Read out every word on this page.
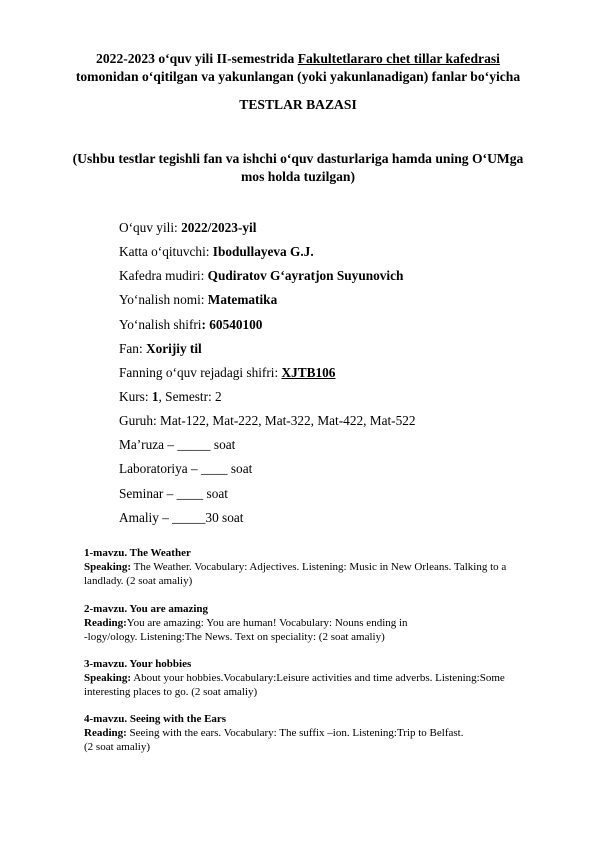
2022-2023 o‘quv yili II-semestrida Fakultetlararo chet tillar kafedrasi
tomonidan o‘qitilgan va yakunlangan (yoki yakunlanadigan) fanlar bo‘yicha
TESTLAR BAZASI
(Ushbu testlar tegishli fan va ishchi o‘quv dasturlariga hamda uning O‘UMga
mos holda tuzilgan)
O‘quv yili: 2022/2023-yil
Katta o‘qituvchi: Ibodullayeva G.J.
Kafedra mudiri: Qudiratov G‘ayratjon Suyunovich
Yo‘nalish nomi: Matematika
Yo‘nalish shifri: 60540100
Fan: Xorijiy til
Fanning o‘quv rejadagi shifri: XJTB106
Kurs: 1, Semestr: 2
Guruh: Mat-122, Mat-222, Mat-322, Mat-422, Mat-522
Ma’ruza – _____ soat
Laboratoriya – ____ soat
Seminar – ____ soat
Amaliy – _____30 soat
1-mavzu. The Weather
Speaking: The Weather. Vocabulary: Adjectives. Listening: Music in New Orleans. Talking to a landladу. (2 soat amaliy)
2-mavzu. You are amazing
Reading:You are amazing: You are human! Vocabulary: Nouns ending in
-logy/ology. Listening:The News. Text on speciality: (2 soat amaliy)
3-mavzu. Your hobbies
Speaking: About your hobbies.Vocabulary:Leisure activities and time adverbs. Listening:Some interesting places to go. (2 soat amaliy)
4-mavzu. Seeing with the Ears
Reading: Seeing with the ears. Vocabulary: The suffix –ion. Listening:Trip to Belfast.
(2 soat amaliy)
